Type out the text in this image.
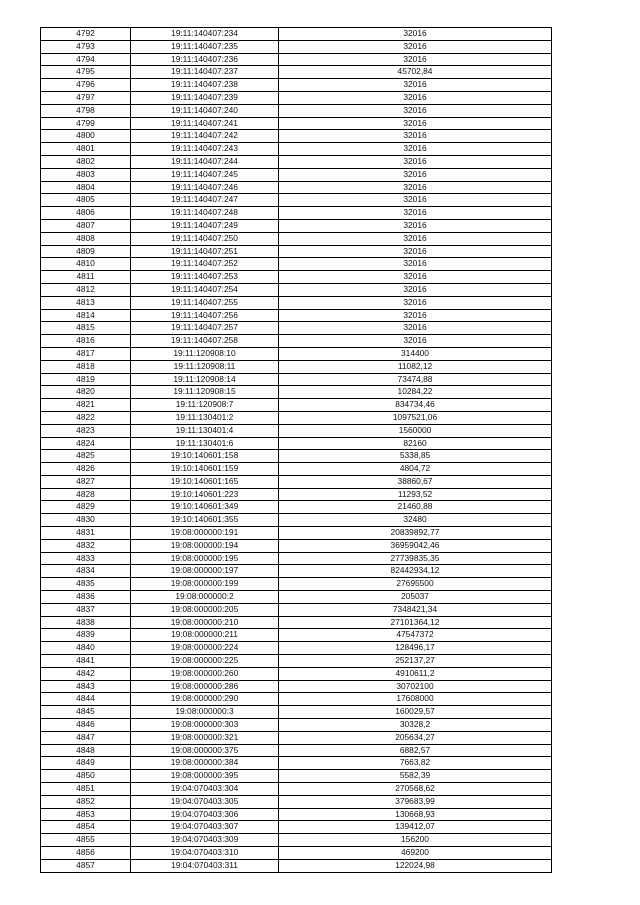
4792	19:11:140407:234	32016
4793	19:11:140407:235	32016
4794	19:11:140407:236	32016
4795	19:11:140407:237	45702,84
4796	19:11:140407:238	32016
4797	19:11:140407:239	32016
4798	19:11:140407:240	32016
4799	19:11:140407:241	32016
4800	19:11:140407:242	32016
4801	19:11:140407:243	32016
4802	19:11:140407:244	32016
4803	19:11:140407:245	32016
4804	19:11:140407:246	32016
4805	19:11:140407:247	32016
4806	19:11:140407:248	32016
4807	19:11:140407:249	32016
4808	19:11:140407:250	32016
4809	19:11:140407:251	32016
4810	19:11:140407:252	32016
4811	19:11:140407:253	32016
4812	19:11:140407:254	32016
4813	19:11:140407:255	32016
4814	19:11:140407:256	32016
4815	19:11:140407:257	32016
4816	19:11:140407:258	32016
4817	19:11:120908:10	314400
4818	19:11:120908:11	11082,12
4819	19:11:120908:14	73474,88
4820	19:11:120908:15	10284,22
4821	19:11:120908:7	834734,46
4822	19:11:130401:2	1097521,06
4823	19:11:130401:4	1560000
4824	19:11:130401:6	82160
4825	19:10:140601:158	5338,85
4826	19:10:140601:159	4804,72
4827	19:10:140601:165	38860,67
4828	19:10:140601:223	11293,52
4829	19:10:140601:349	21460,88
4830	19:10:140601:355	32480
4831	19:08:000000:191	20839892,77
4832	19:08:000000:194	36959042,46
4833	19:08:000000:195	27739835,35
4834	19:08:000000:197	82442934,12
4835	19:08:000000:199	27695500
4836	19:08:000000:2	205037
4837	19:08:000000:205	7348421,34
4838	19:08:000000:210	27101364,12
4839	19:08:000000:211	47547372
4840	19:08:000000:224	128496,17
4841	19:08:000000:225	252137,27
4842	19:08:000000:260	4910611,2
4843	19:08:000000:286	30702100
4844	19:08:000000:290	17608000
4845	19:08:000000:3	160029,57
4846	19:08:000000:303	30328,2
4847	19:08:000000:321	205634,27
4848	19:08:000000:375	6882,57
4849	19:08:000000:384	7663,82
4850	19:08:000000:395	5582,39
4851	19:04:070403:304	270568,62
4852	19:04:070403:305	379683,99
4853	19:04:070403:306	130668,93
4854	19:04:070403:307	139412,07
4855	19:04:070403:309	156200
4856	19:04:070403:310	469200
4857	19:04:070403:311	122024,98
